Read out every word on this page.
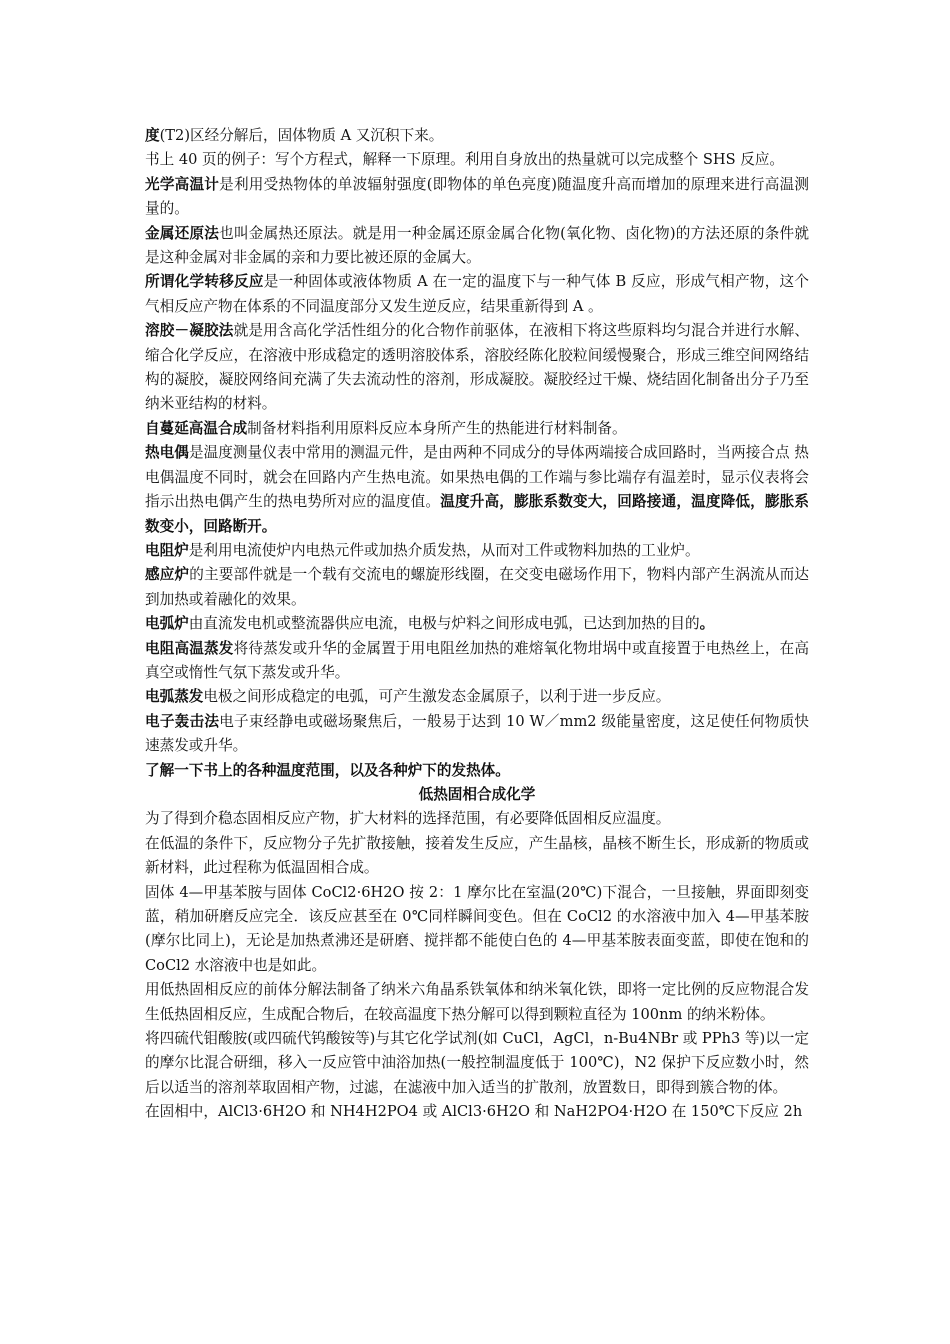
度(T2)区经分解后，固体物质 A 又沉积下来。

书上 40 页的例子：写个方程式，解释一下原理。利用自身放出的热量就可以完成整个 SHS 反应。

光学高温计是利用受热物体的单波辐射强度(即物体的单色亮度)随温度升高而增加的原理来进行高温测量的。

金属还原法也叫金属热还原法。就是用一种金属还原金属合化物(氧化物、卤化物)的方法还原的条件就是这种金属对非金属的亲和力要比被还原的金属大。

所谓化学转移反应是一种固体或液体物质 A 在一定的温度下与一种气体 B 反应，形成气相产物，这个气相反应产物在体系的不同温度部分又发生逆反应，结果重新得到 A 。

溶胶－凝胶法就是用含高化学活性组分的化合物作前驱体，在液相下将这些原料均匀混合并进行水解、缩合化学反应，在溶液中形成稳定的透明溶胶体系，溶胶经陈化胶粒间缓慢聚合，形成三维空间网络结构的凝胶，凝胶网络间充满了失去流动性的溶剂，形成凝胶。凝胶经过干燥、烧结固化制备出分子乃至纳米亚结构的材料。

自蔓延高温合成制备材料指利用原料反应本身所产生的热能进行材料制备。

热电偶是温度测量仪表中常用的测温元件，是由两种不同成分的导体两端接合成回路时，当两接合点 热电偶温度不同时，就会在回路内产生热电流。如果热电偶的工作端与参比端存有温差时，显示仪表将会指示出热电偶产生的热电势所对应的温度值。温度升高，膨胀系数变大，回路接通，温度降低，膨胀系数变小，回路断开。

电阻炉是利用电流使炉内电热元件或加热介质发热，从而对工件或物料加热的工业炉。

感应炉的主要部件就是一个载有交流电的螺旋形线圈，在交变电磁场作用下，物料内部产生涡流从而达到加热或着融化的效果。

电弧炉由直流发电机或整流器供应电流，电极与炉料之间形成电弧，已达到加热的目的。

电阻高温蒸发将待蒸发或升华的金属置于用电阻丝加热的难熔氧化物坩埚中或直接置于电热丝上，在高真空或惰性气氛下蒸发或升华。

电弧蒸发电极之间形成稳定的电弧，可产生激发态金属原子，以利于进一步反应。

电子轰击法电子束经静电或磁场聚焦后，一般易于达到 10 W／mm2 级能量密度，这足使任何物质快速蒸发或升华。

了解一下书上的各种温度范围，以及各种炉下的发热体。

低热固相合成化学

为了得到介稳态固相反应产物，扩大材料的选择范围，有必要降低固相反应温度。

在低温的条件下，反应物分子先扩散接触，接着发生反应，产生晶核，晶核不断生长，形成新的物质或新材料，此过程称为低温固相合成。

固体 4—甲基苯胺与固体 CoCl2·6H2O 按 2：1 摩尔比在室温(20℃)下混合，一旦接触，界面即刻变蓝，稍加研磨反应完全．该反应甚至在 0℃同样瞬间变色。但在 CoCl2 的水溶液中加入 4—甲基苯胺(摩尔比同上)，无论是加热煮沸还是研磨、搅拌都不能使白色的 4—甲基苯胺表面变蓝，即使在饱和的 CoCl2 水溶液中也是如此。

用低热固相反应的前体分解法制备了纳米六角晶系铁氧体和纳米氧化铁，即将一定比例的反应物混合发生低热固相反应，生成配合物后，在较高温度下热分解可以得到颗粒直径为 100nm 的纳米粉体。

将四硫代钼酸胺(或四硫代钨酸铵等)与其它化学试剂(如 CuCl，AgCl，n-Bu4NBr 或 PPh3 等)以一定的摩尔比混合研细，移入一反应管中油浴加热(一般控制温度低于 100℃)，N2 保护下反应数小时，然后以适当的溶剂萃取固相产物，过滤，在滤液中加入适当的扩散剂，放置数日，即得到簇合物的体。

在固相中，AlCl3·6H2O 和 NH4H2PO4 或 AlCl3·6H2O 和 NaH2PO4·H2O 在 150℃下反应 2h
